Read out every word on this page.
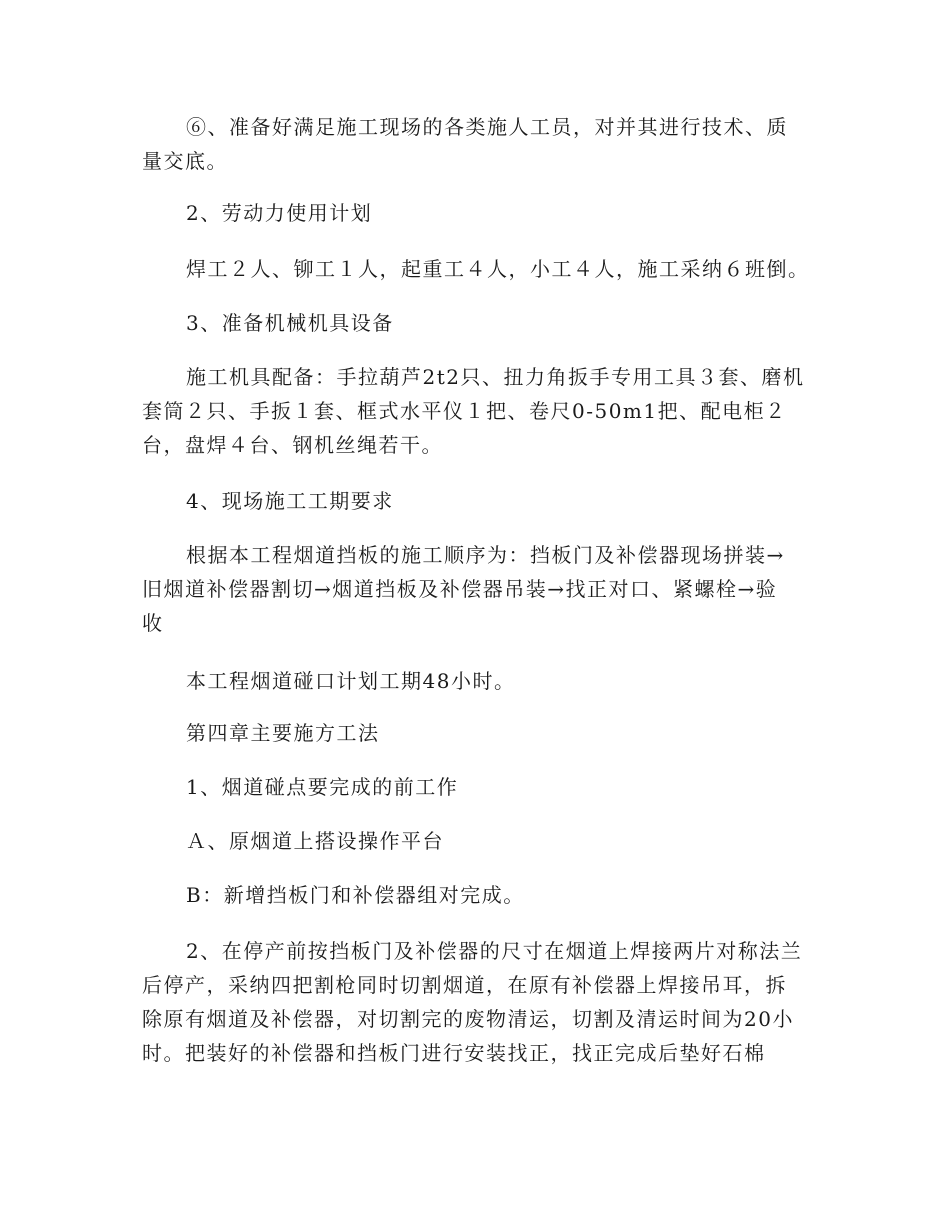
⑥、准备好满足施工现场的各类施人工员，对并其进行技术、质
量交底。

2、劳动力使用计划

焊工２人、铆工１人，起重工４人，小工４人，施工采纳６班倒。

3、准备机械机具设备

施工机具配备：手拉葫芦2t2只、扭力角扳手专用工具３套、磨机
套筒２只、手扳１套、框式水平仪１把、卷尺0-50m1把、配电柜２
台，盘焊４台、钢机丝绳若干。

4、现场施工工期要求

根据本工程烟道挡板的施工顺序为：挡板门及补偿器现场拼装→
旧烟道补偿器割切→烟道挡板及补偿器吊装→找正对口、紧螺栓→验
收

本工程烟道碰口计划工期48小时。

第四章主要施方工法

1、烟道碰点要完成的前工作

Ａ、原烟道上搭设操作平台

B：新增挡板门和补偿器组对完成。

2、在停产前按挡板门及补偿器的尺寸在烟道上焊接两片对称法兰
后停产，采纳四把割枪同时切割烟道，在原有补偿器上焊接吊耳，拆
除原有烟道及补偿器，对切割完的废物清运，切割及清运时间为20小
时。把装好的补偿器和挡板门进行安装找正，找正完成后垫好石棉
